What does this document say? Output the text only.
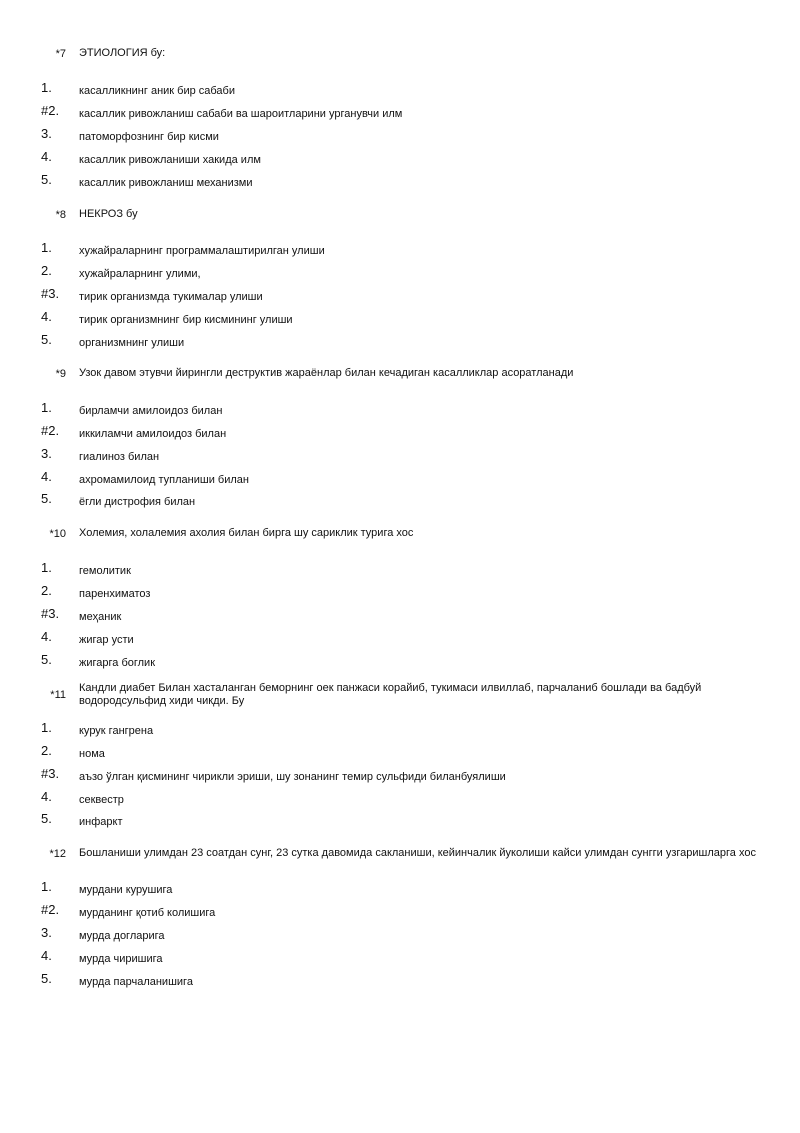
*7 ЭТИОЛОГИЯ бу:
1. касалликнинг аник бир сабаби
#2. касаллик ривожланиш сабаби ва шароитларини урганувчи илм
3. патоморфознинг бир кисми
4. касаллик ривожланиши хакида илм
5. касаллик ривожланиш механизми
*8 НЕКРОЗ бу
1. хужайраларнинг программалаштирилган улиши
2. хужайраларнинг улими,
#3. тирик организмда тукималар улиши
4. тирик организмнинг бир кисмининг улиши
5. организмнинг улиши
*9 Узок давом этувчи йирингли деструктив жараёнлар билан кечадиган касалликлар асоратланади
1. бирламчи амилоидоз билан
#2. иккиламчи амилоидоз билан
3. гиалиноз билан
4. ахромамилоид тупланиши билан
5. ёгли дистрофия билан
*10 Холемия, холалемия ахолия билан бирга шу сариклик турига хос
1. гемолитик
2. паренхиматоз
#3. меҳаник
4. жигар усти
5. жигарга боглик
*11
Кандли диабет Билан хасталанган беморнинг оек панжаси корайиб, тукимаси илвиллаб, парчаланиб бошлади ва бадбуй водородсульфид хиди чикди. Бу
1. курук гангрена
2. нома
#3. аъзо ўлган қисмининг чирикли эриши, шу зонанинг темир сульфиди биланбуялиши
4. секвестр
5. инфаркт
*12 Бошланиши улимдан 23 соатдан сунг, 23 сутка давомида сакланиши, кейинчалик йуколиши кайси улимдан сунгги узгаришларга хос
1. мурдани курушига
#2. мурданинг қотиб колишига
3. мурда догларига
4. мурда чиришига
5. мурда парчаланишига
